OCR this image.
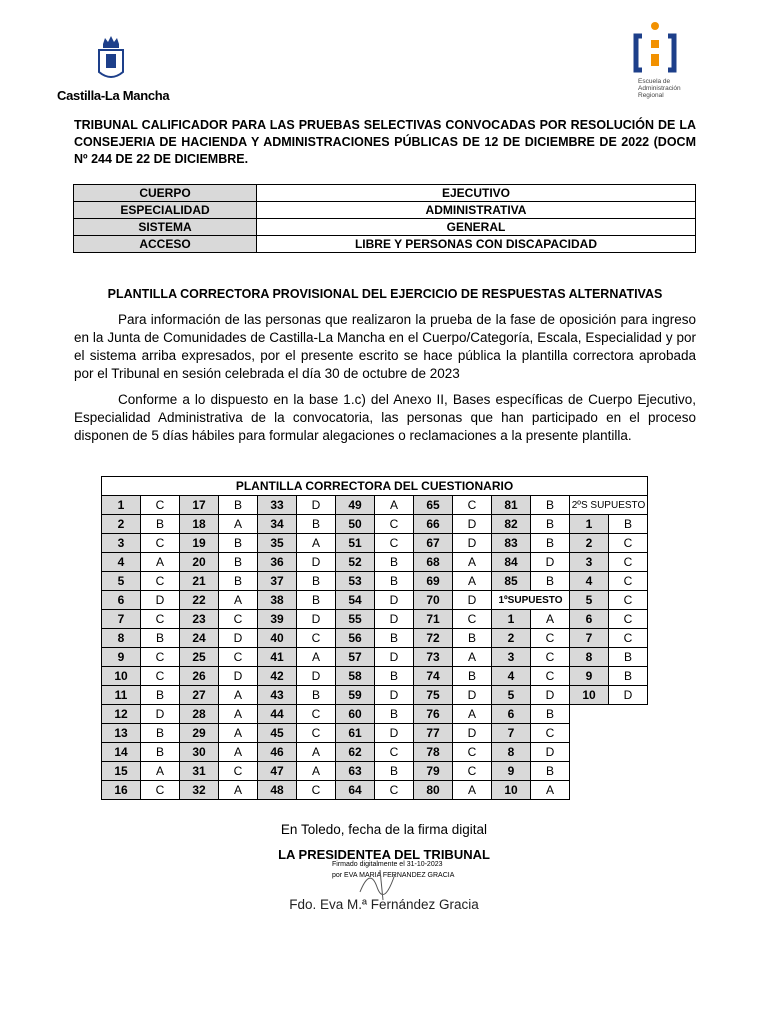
Castilla-La Mancha
Escuela de
Administración
Regional
TRIBUNAL CALIFICADOR PARA LAS PRUEBAS SELECTIVAS CONVOCADAS POR RESOLUCIÓN DE LA CONSEJERIA DE HACIENDA Y ADMINISTRACIONES PÚBLICAS DE 12 DE DICIEMBRE DE 2022 (DOCM Nº 244 DE 22 DE DICIEMBRE.
CUERPO	EJECUTIVO
ESPECIALIDAD	ADMINISTRATIVA
SISTEMA	GENERAL
ACCESO	LIBRE Y PERSONAS CON DISCAPACIDAD
PLANTILLA CORRECTORA PROVISIONAL DEL EJERCICIO DE RESPUESTAS ALTERNATIVAS
Para información de las personas que realizaron la prueba de la fase de oposición para ingreso en la Junta de Comunidades de Castilla-La Mancha en el Cuerpo/Categoría, Escala, Especialidad y por el sistema arriba expresados, por el presente escrito se hace pública la plantilla correctora aprobada por el Tribunal en sesión celebrada el día 30 de octubre de 2023
Conforme a lo dispuesto en la base 1.c) del Anexo II, Bases específicas de Cuerpo Ejecutivo, Especialidad Administrativa de la convocatoria, las personas que han participado en el proceso disponen de 5 días hábiles para formular alegaciones o reclamaciones a la presente plantilla.
PLANTILLA CORRECTORA DEL CUESTIONARIO													
1	C	17	B	33	D	49	A	65	C	81	B	2ºS SUPUESTO	
2	B	18	A	34	B	50	C	66	D	82	B	1	B
3	C	19	B	35	A	51	C	67	D	83	B	2	C
4	A	20	B	36	D	52	B	68	A	84	D	3	C
5	C	21	B	37	B	53	B	69	A	85	B	4	C
6	D	22	A	38	B	54	D	70	D	1ºSUPUESTO		5	C
7	C	23	C	39	D	55	D	71	C	1	A	6	C
8	B	24	D	40	C	56	B	72	B	2	C	7	C
9	C	25	C	41	A	57	D	73	A	3	C	8	B
10	C	26	D	42	D	58	B	74	B	4	C	9	B
11	B	27	A	43	B	59	D	75	D	5	D	10	D
12	D	28	A	44	C	60	B	76	A	6	B		
13	B	29	A	45	C	61	D	77	D	7	C		
14	B	30	A	46	A	62	C	78	C	8	D		
15	A	31	C	47	A	63	B	79	C	9	B		
16	C	32	A	48	C	64	C	80	A	10	A		
En Toledo, fecha de la firma digital
LA PRESIDENTEA DEL TRIBUNAL
Firmado digitalmente el 31-10-2023
por EVA MARIA FERNANDEZ GRACIA
Fdo. Eva M.ª Fernández Gracia
